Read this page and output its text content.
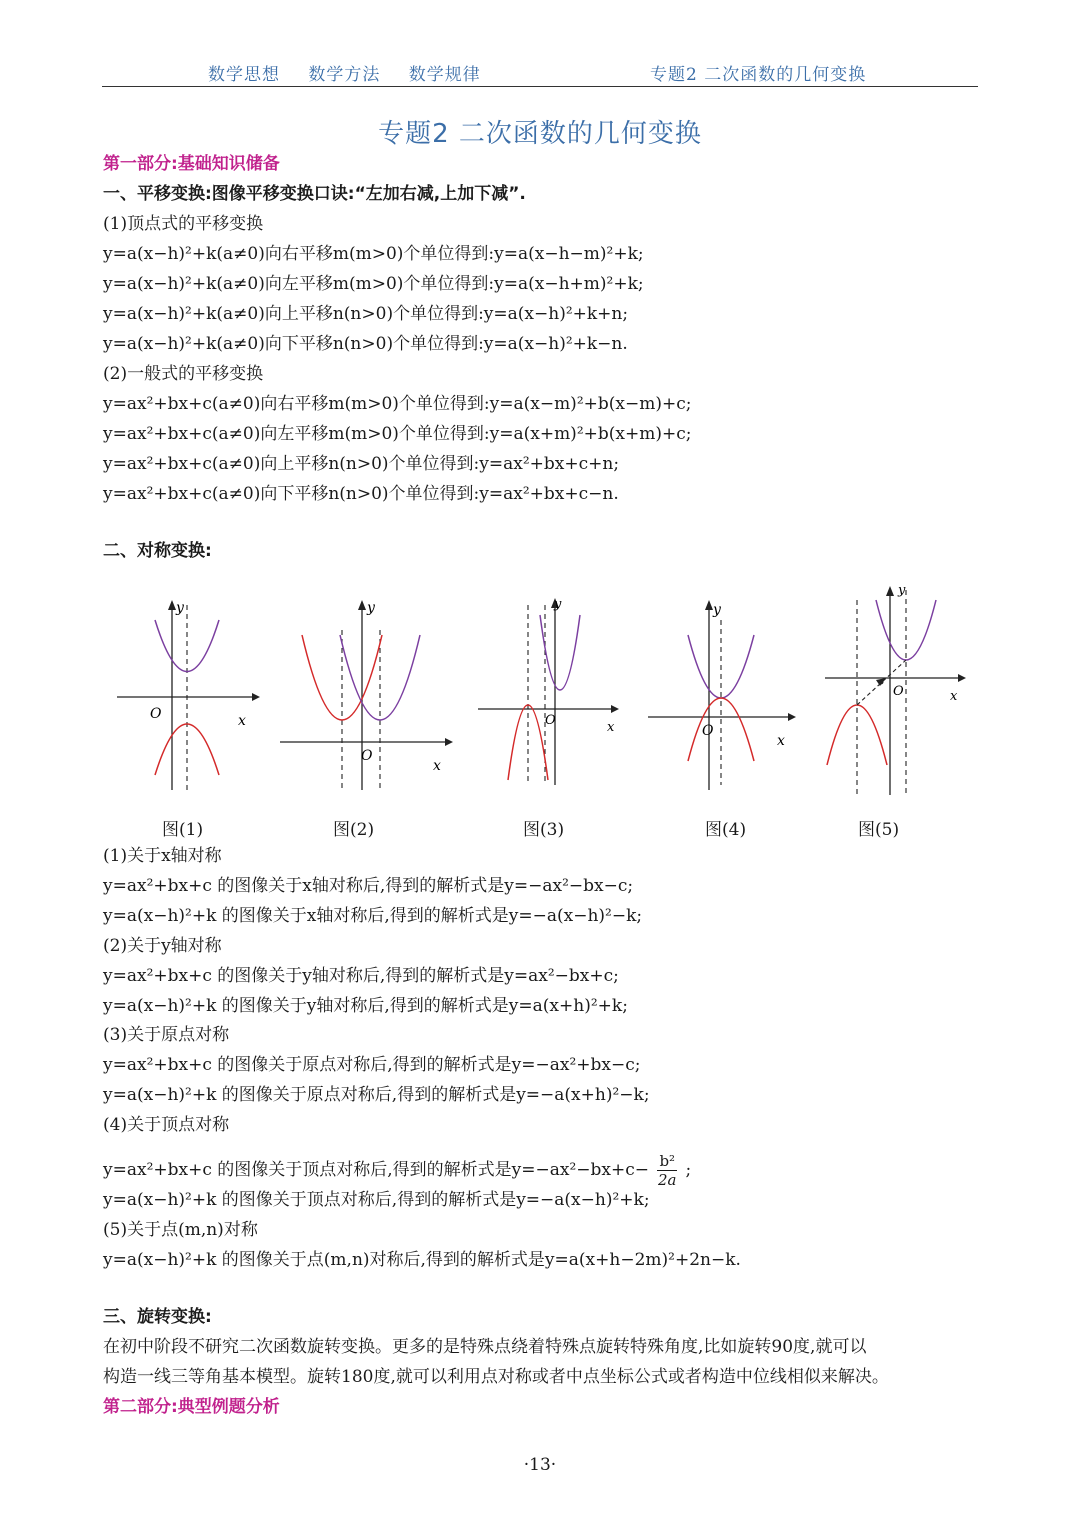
数学思想 数学方法 数学规律	专题2 二次函数的几何变换
专题2 二次函数的几何变换
第一部分:基础知识储备
一、平移变换:图像平移变换口诀:“左加右减,上加下减”.
(1)顶点式的平移变换
y=a(x−h)²+k(a≠0)向右平移m(m>0)个单位得到:y=a(x−h−m)²+k;
y=a(x−h)²+k(a≠0)向左平移m(m>0)个单位得到:y=a(x−h+m)²+k;
y=a(x−h)²+k(a≠0)向上平移n(n>0)个单位得到:y=a(x−h)²+k+n;
y=a(x−h)²+k(a≠0)向下平移n(n>0)个单位得到:y=a(x−h)²+k−n.
(2)一般式的平移变换
y=ax²+bx+c(a≠0)向右平移m(m>0)个单位得到:y=a(x−m)²+b(x−m)+c;
y=ax²+bx+c(a≠0)向左平移m(m>0)个单位得到:y=a(x+m)²+b(x+m)+c;
y=ax²+bx+c(a≠0)向上平移n(n>0)个单位得到:y=ax²+bx+c+n;
y=ax²+bx+c(a≠0)向下平移n(n>0)个单位得到:y=ax²+bx+c−n.
二、对称变换:
y
x
O
y
x
O
y
x
O
y
x
O
y
x
O
图(1)	图(2)	图(3)	图(4)	图(5)
(1)关于x轴对称
y=ax²+bx+c 的图像关于x轴对称后,得到的解析式是y=−ax²−bx−c;
y=a(x−h)²+k 的图像关于x轴对称后,得到的解析式是y=−a(x−h)²−k;
(2)关于y轴对称
y=ax²+bx+c 的图像关于y轴对称后,得到的解析式是y=ax²−bx+c;
y=a(x−h)²+k 的图像关于y轴对称后,得到的解析式是y=a(x+h)²+k;
(3)关于原点对称
y=ax²+bx+c 的图像关于原点对称后,得到的解析式是y=−ax²+bx−c;
y=a(x−h)²+k 的图像关于原点对称后,得到的解析式是y=−a(x+h)²−k;
(4)关于顶点对称
y=ax²+bx+c 的图像关于顶点对称后,得到的解析式是$y=-ax^2-bx+c- \frac{\text{b²}}{2a}$ ;
y=a(x−h)²+k 的图像关于顶点对称后,得到的解析式是y=−a(x−h)²+k;
(5)关于点(m,n)对称
y=a(x−h)²+k 的图像关于点(m,n)对称后,得到的解析式是y=a(x+h−2m)²+2n−k.
三、旋转变换:
在初中阶段不研究二次函数旋转变换。更多的是特殊点绕着特殊点旋转特殊角度,比如旋转90度,就可以
构造一线三等角基本模型。旋转180度,就可以利用点对称或者中点坐标公式或者构造中位线相似来解决。
第二部分:典型例题分析
·13·
